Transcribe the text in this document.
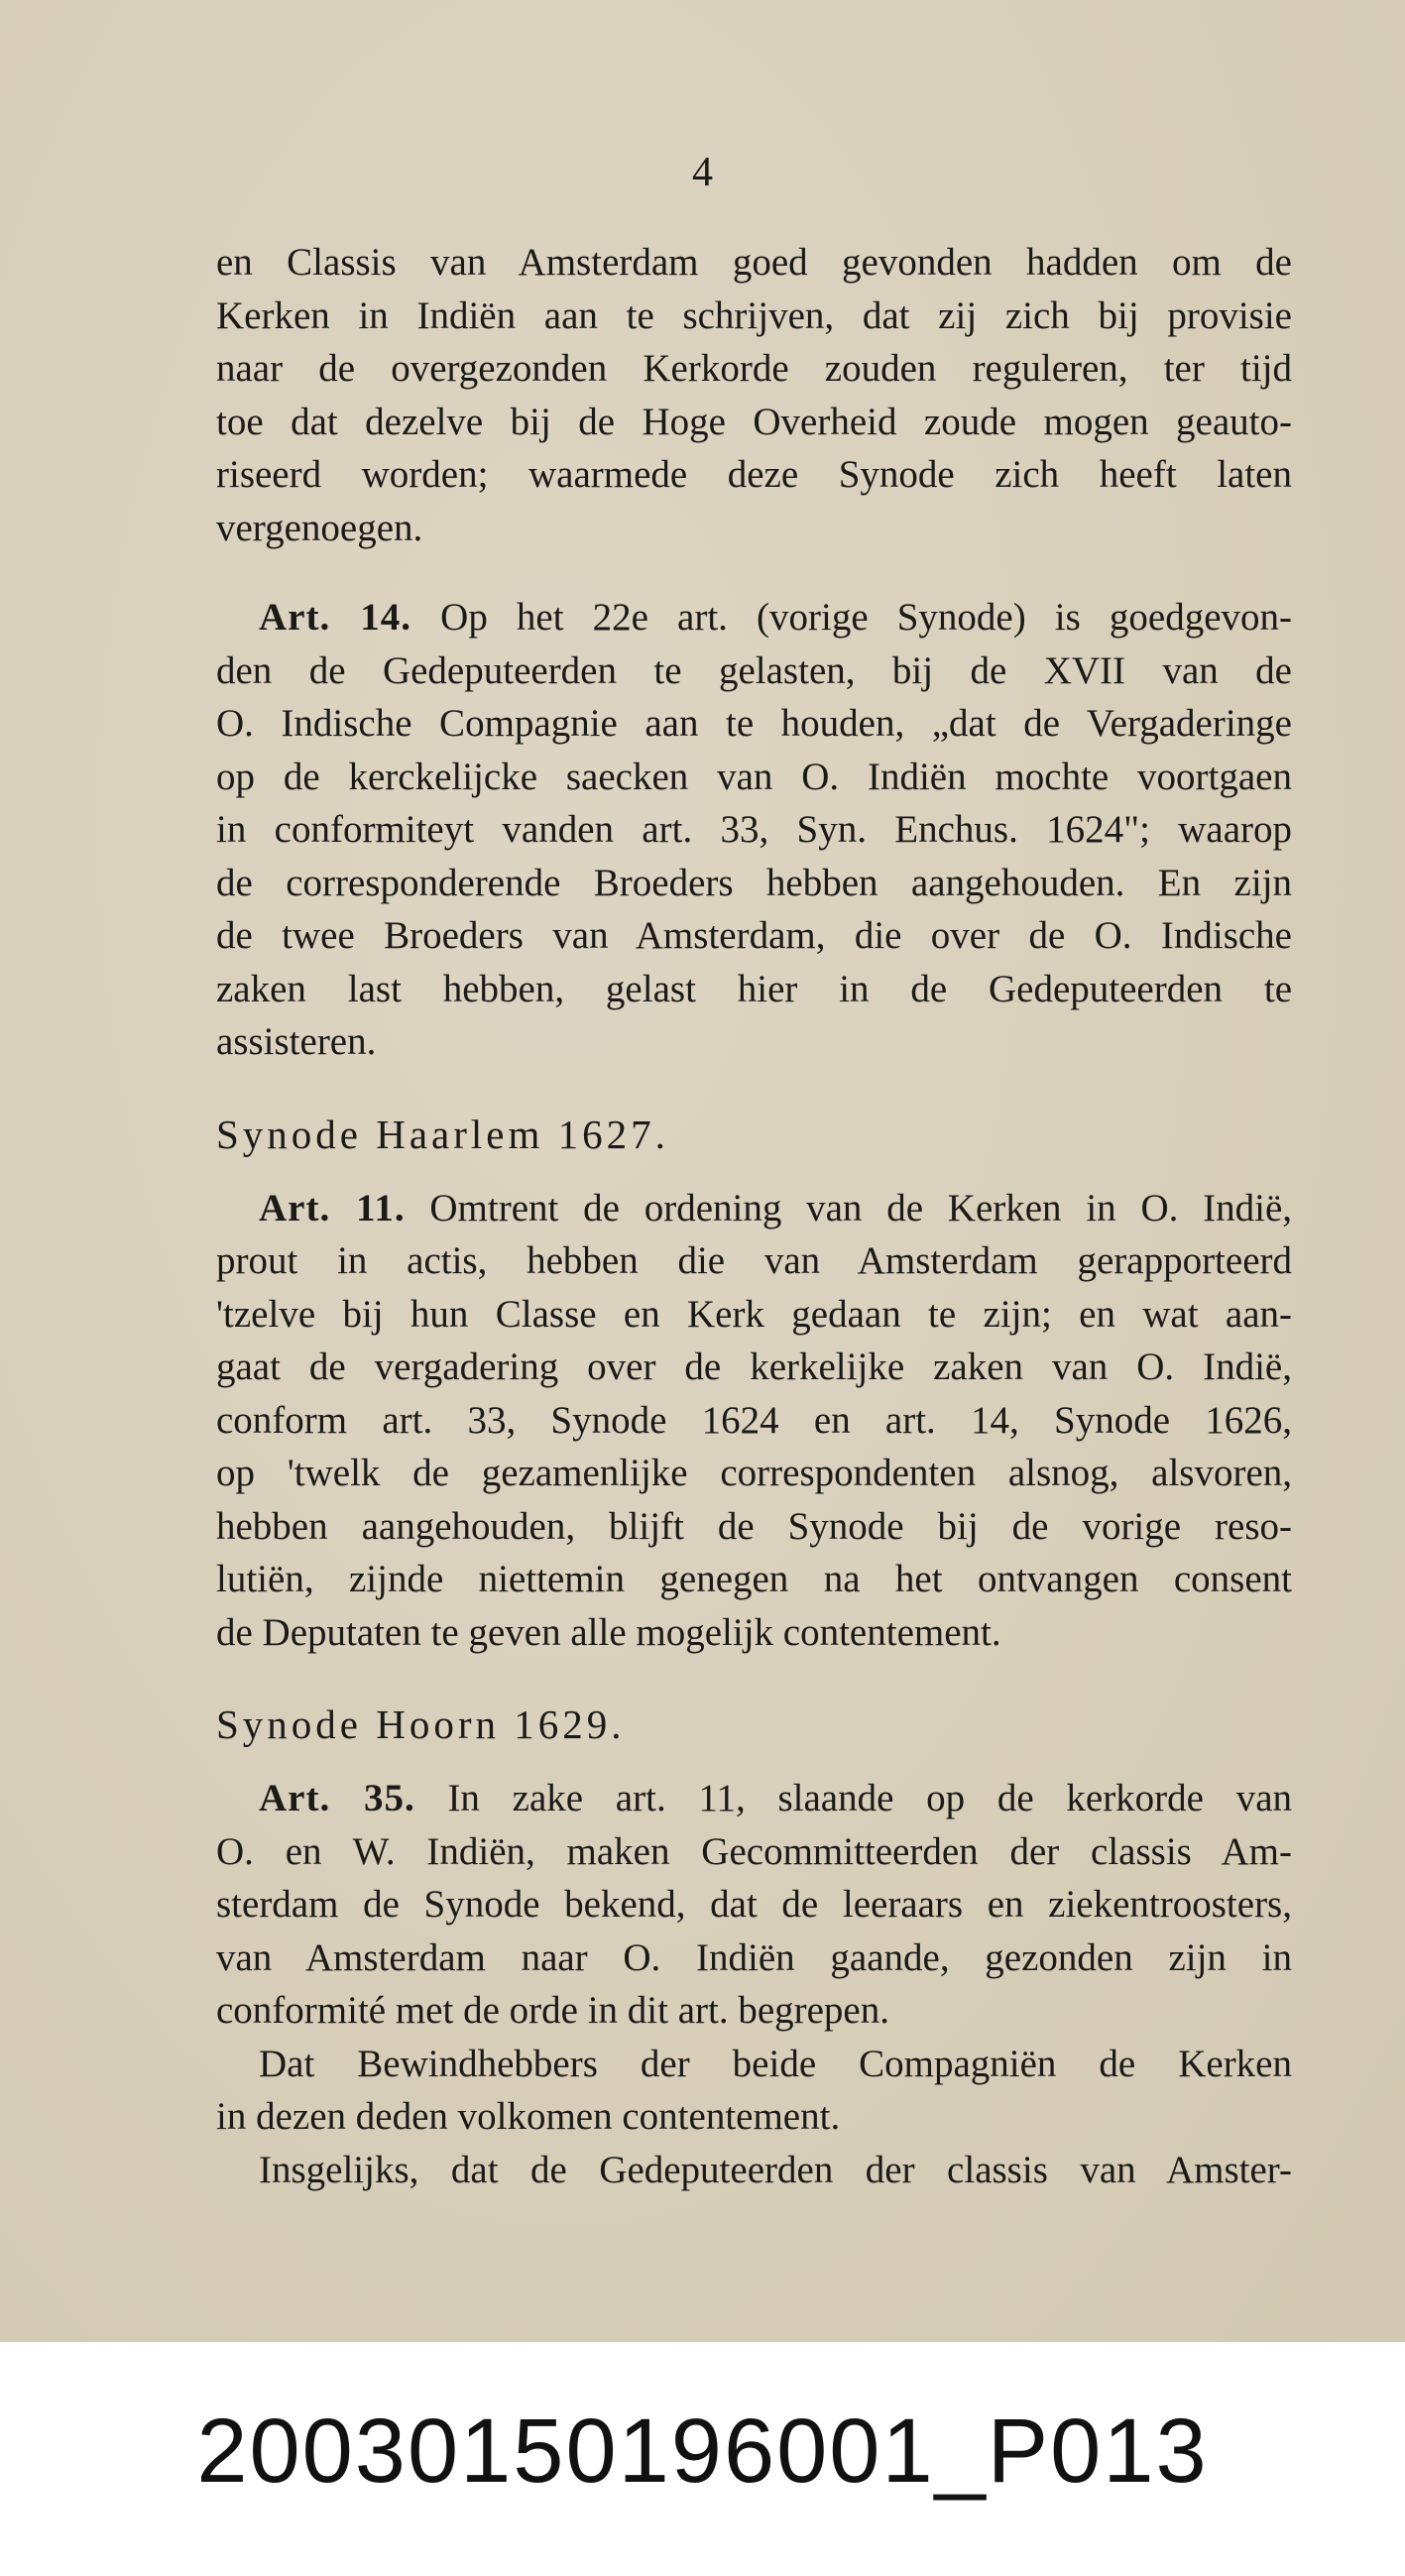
4
en Classis van Amsterdam goed gevonden hadden om de
Kerken in Indiën aan te schrijven, dat zij zich bij provisie
naar de overgezonden Kerkorde zouden reguleren, ter tijd
toe dat dezelve bij de Hoge Overheid zoude mogen geauto-
riseerd worden; waarmede deze Synode zich heeft laten
vergenoegen.
Art. 14. Op het 22e art. (vorige Synode) is goedgevon-
den de Gedeputeerden te gelasten, bij de XVII van de
O. Indische Compagnie aan te houden, „dat de Vergaderinge
op de kerckelijcke saecken van O. Indiën mochte voortgaen
in conformiteyt vanden art. 33, Syn. Enchus. 1624"; waarop
de corresponderende Broeders hebben aangehouden. En zijn
de twee Broeders van Amsterdam, die over de O. Indische
zaken last hebben, gelast hier in de Gedeputeerden te
assisteren.
Synode Haarlem 1627.
Art. 11. Omtrent de ordening van de Kerken in O. Indië,
prout in actis, hebben die van Amsterdam gerapporteerd
'tzelve bij hun Classe en Kerk gedaan te zijn; en wat aan-
gaat de vergadering over de kerkelijke zaken van O. Indië,
conform art. 33, Synode 1624 en art. 14, Synode 1626,
op 'twelk de gezamenlijke correspondenten alsnog, alsvoren,
hebben aangehouden, blijft de Synode bij de vorige reso-
lutiën, zijnde niettemin genegen na het ontvangen consent
de Deputaten te geven alle mogelijk contentement.
Synode Hoorn 1629.
Art. 35. In zake art. 11, slaande op de kerkorde van
O. en W. Indiën, maken Gecommitteerden der classis Am-
sterdam de Synode bekend, dat de leeraars en ziekentroosters,
van Amsterdam naar O. Indiën gaande, gezonden zijn in
conformité met de orde in dit art. begrepen.
Dat Bewindhebbers der beide Compagniën de Kerken
in dezen deden volkomen contentement.
Insgelijks, dat de Gedeputeerden der classis van Amster-
20030150196001_P013
